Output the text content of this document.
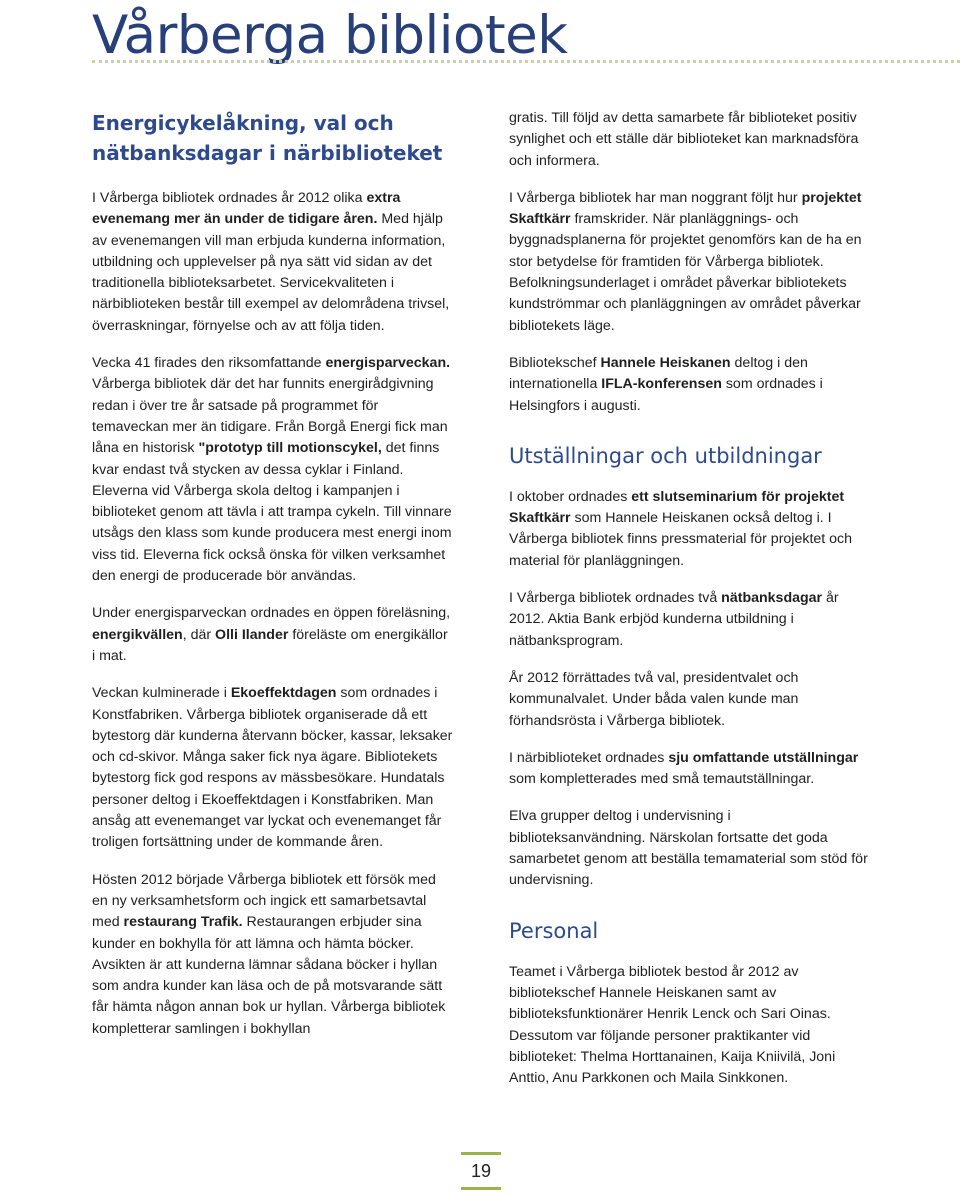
Vårberga bibliotek
Energicykelåkning, val och nätbanksdagar i närbiblioteket

I Vårberga bibliotek ordnades år 2012 olika extra evenemang mer än under de tidigare åren. Med hjälp av evenemangen vill man erbjuda kunderna information, utbildning och upplevelser på nya sätt vid sidan av det traditionella biblioteksarbetet. Servicekvaliteten i närbiblioteken består till exempel av delområdena trivsel, överraskningar, förnyelse och av att följa tiden.

Vecka 41 firades den riksomfattande energisparveckan. Vårberga bibliotek där det har funnits energirådgivning redan i över tre år satsade på programmet för temaveckan mer än tidigare. Från Borgå Energi fick man låna en historisk "prototyp till motionscykel, det finns kvar endast två stycken av dessa cyklar i Finland. Eleverna vid Vårberga skola deltog i kampanjen i biblioteket genom att tävla i att trampa cykeln. Till vinnare utsågs den klass som kunde producera mest energi inom viss tid. Eleverna fick också önska för vilken verksamhet den energi de producerade bör användas.

Under energisparveckan ordnades en öppen föreläsning, energikvällen, där Olli Ilander föreläste om energikällor i mat.

Veckan kulminerade i Ekoeffektdagen som ordnades i Konstfabriken. Vårberga bibliotek organiserade då ett bytestorg där kunderna återvann böcker, kassar, leksaker och cd-skivor. Många saker fick nya ägare. Bibliotekets bytestorg fick god respons av mässbesökare. Hundatals personer deltog i Ekoeffektdagen i Konstfabriken. Man ansåg att evenemanget var lyckat och evenemanget får troligen fortsättning under de kommande åren.

Hösten 2012 började Vårberga bibliotek ett försök med en ny verksamhetsform och ingick ett samarbetsavtal med restaurang Trafik. Restaurangen erbjuder sina kunder en bokhylla för att lämna och hämta böcker. Avsikten är att kunderna lämnar sådana böcker i hyllan som andra kunder kan läsa och de på motsvarande sätt får hämta någon annan bok ur hyllan. Vårberga bibliotek kompletterar samlingen i bokhyllan

gratis. Till följd av detta samarbete får biblioteket positiv synlighet och ett ställe där biblioteket kan marknadsföra och informera.

I Vårberga bibliotek har man noggrant följt hur projektet Skaftkärr framskrider. När planläggnings- och byggnadsplanerna för projektet genomförs kan de ha en stor betydelse för framtiden för Vårberga bibliotek. Befolkningsunderlaget i området påverkar bibliotekets kundströmmar och planläggningen av området påverkar bibliotekets läge.

Bibliotekschef Hannele Heiskanen deltog i den internationella IFLA-konferensen som ordnades i Helsingfors i augusti.

Utställningar och utbildningar

I oktober ordnades ett slutseminarium för projektet Skaftkärr som Hannele Heiskanen också deltog i. I Vårberga bibliotek finns pressmaterial för projektet och material för planläggningen.

I Vårberga bibliotek ordnades två nätbanksdagar år 2012. Aktia Bank erbjöd kunderna utbildning i nätbanksprogram.

År 2012 förrättades två val, presidentvalet och kommunalvalet. Under båda valen kunde man förhandsrösta i Vårberga bibliotek.

I närbiblioteket ordnades sju omfattande utställningar som kompletterades med små temautställningar.

Elva grupper deltog i undervisning i biblioteksanvändning. Närskolan fortsatte det goda samarbetet genom att beställa temamaterial som stöd för undervisning.

Personal

Teamet i Vårberga bibliotek bestod år 2012 av bibliotekschef Hannele Heiskanen samt av biblioteksfunktionärer Henrik Lenck och Sari Oinas. Dessutom var följande personer praktikanter vid biblioteket: Thelma Horttanainen, Kaija Kniivilä, Joni Anttio, Anu Parkkonen och Maila Sinkkonen.

19
